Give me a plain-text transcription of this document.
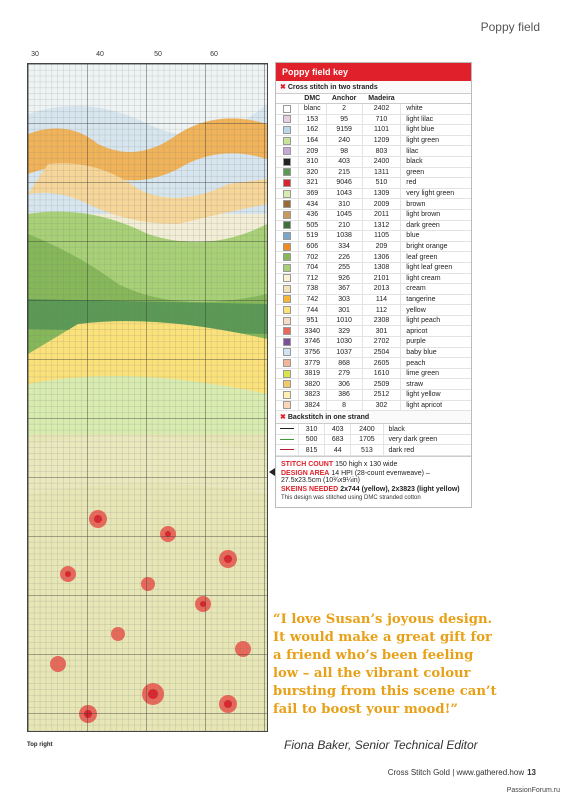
Poppy field
30	40	50	60
Top right
Poppy field key
✖ Cross stitch in two strands
	DMC	Anchor	Madeira	
	blanc	2	2402	white
	153	95	710	light lilac
	162	9159	1101	light blue
	164	240	1209	light green
	209	98	803	lilac
	310	403	2400	black
	320	215	1311	green
	321	9046	510	red
	369	1043	1309	very light green
	434	310	2009	brown
	436	1045	2011	light brown
	505	210	1312	dark green
	519	1038	1105	blue
	606	334	209	bright orange
	702	226	1306	leaf green
	704	255	1308	light leaf green
	712	926	2101	light cream
	738	367	2013	cream
	742	303	114	tangerine
	744	301	112	yellow
	951	1010	2308	light peach
	3340	329	301	apricot
	3746	1030	2702	purple
	3756	1037	2504	baby blue
	3779	868	2605	peach
	3819	279	1610	lime green
	3820	306	2509	straw
	3823	386	2512	light yellow
	3824	8	302	light apricot
✖ Backstitch in one strand
	310	403	2400	black
	500	683	1705	very dark green
	815	44	513	dark red
STITCH COUNT 150 high x 130 wide
DESIGN AREA 14 HPI (28-count evenweave) – 27.5x23.5cm (10¾x9¼in)
SKEINS NEEDED 2x744 (yellow), 2x3823 (light yellow)
This design was stitched using DMC stranded cotton
“I love Susan’s joyous design.
It would make a great gift for
a friend who’s been feeling
low – all the vibrant colour
bursting from this scene can’t
fail to boost your mood!”
Fiona Baker, Senior Technical Editor
Cross Stitch Gold | www.gathered.how 13
PassionForum.ru
